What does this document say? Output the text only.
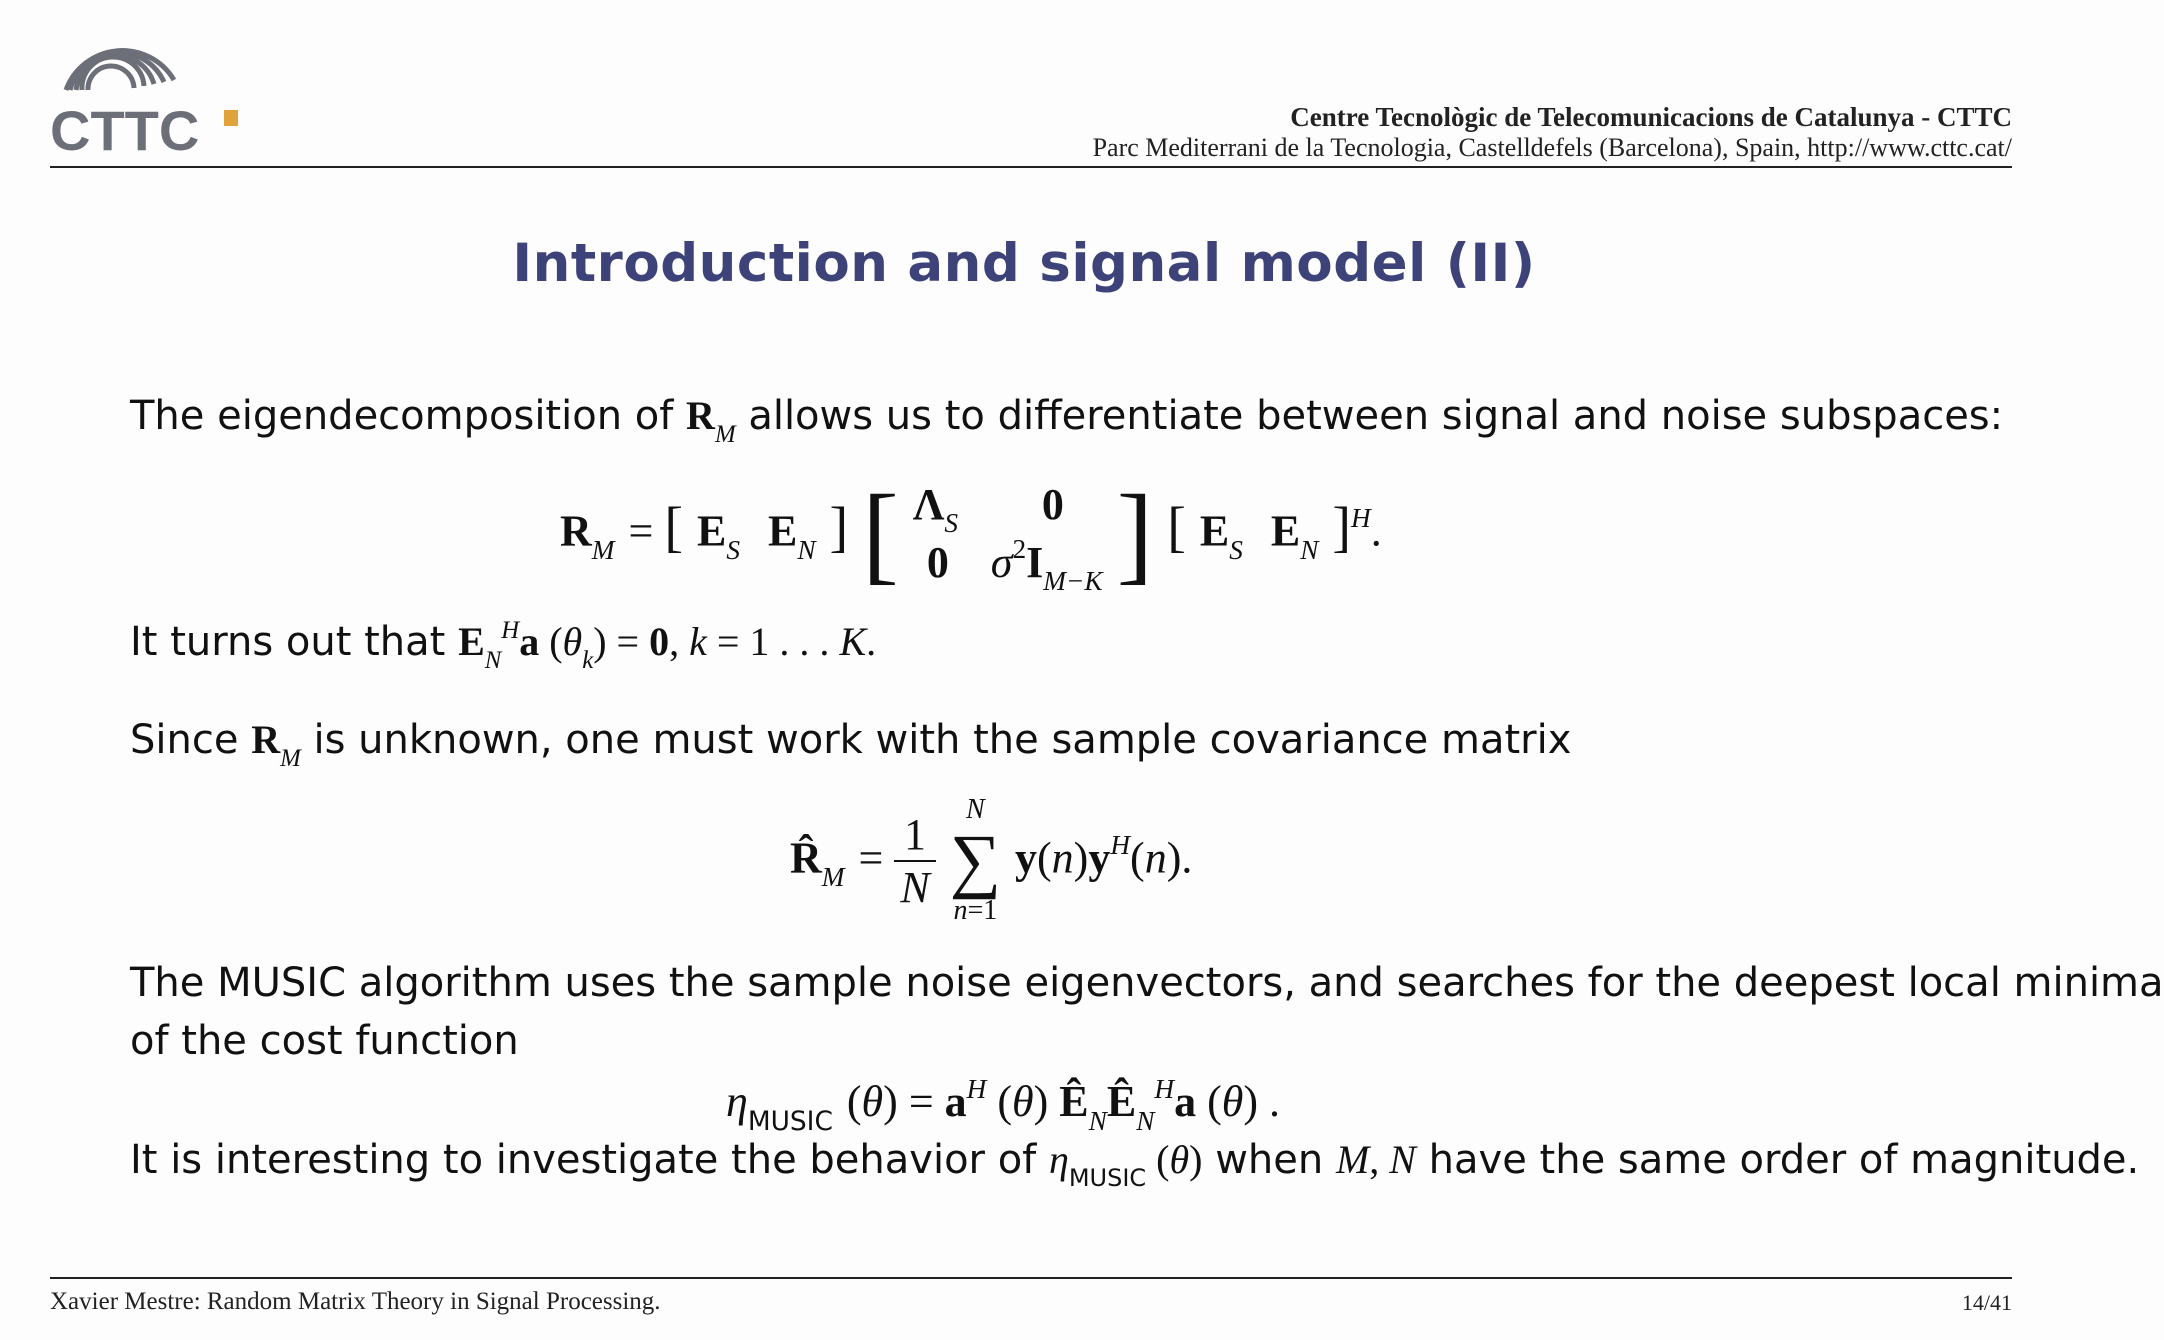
CTTC	Centre Tecnològic de Telecomunicacions de Catalunya - CTTC
Parc Mediterrani de la Tecnologia, Castelldefels (Barcelona), Spain, http://www.cttc.cat/
Introduction and signal model (II)
The eigendecomposition of $R_M$ allows us to differentiate between signal and noise subspaces:
$R_M$ = [ $E_S$ $E_N$ ] [ $\Lambda_S$ 0
0 $\sigma^2I_{M-K}$ ] [ $E_S$ $E_N$ ]$^H$.
It turns out that $E_N^Ha$ $(\theta_k) = 0$, k = 1 . . . K.
Since $R_M$ is unknown, one must work with the sample covariance matrix
$R̂_M = \frac{1}{N}$
	N
∑
n=1
$y(n)y^H(n)$.
The MUSIC algorithm uses the sample noise eigenvectors, and searches for the deepest local minima
of the cost function
$\eta_{MUSIC}$ $(\theta) = a^H$ (θ) $Ê_NÊ_N^Ha$ (θ) .
It is interesting to investigate the behavior of $\eta_{MUSIC}$ (θ) when M, N have the same order of magnitude.
Xavier Mestre: Random Matrix Theory in Signal Processing.	14/41
